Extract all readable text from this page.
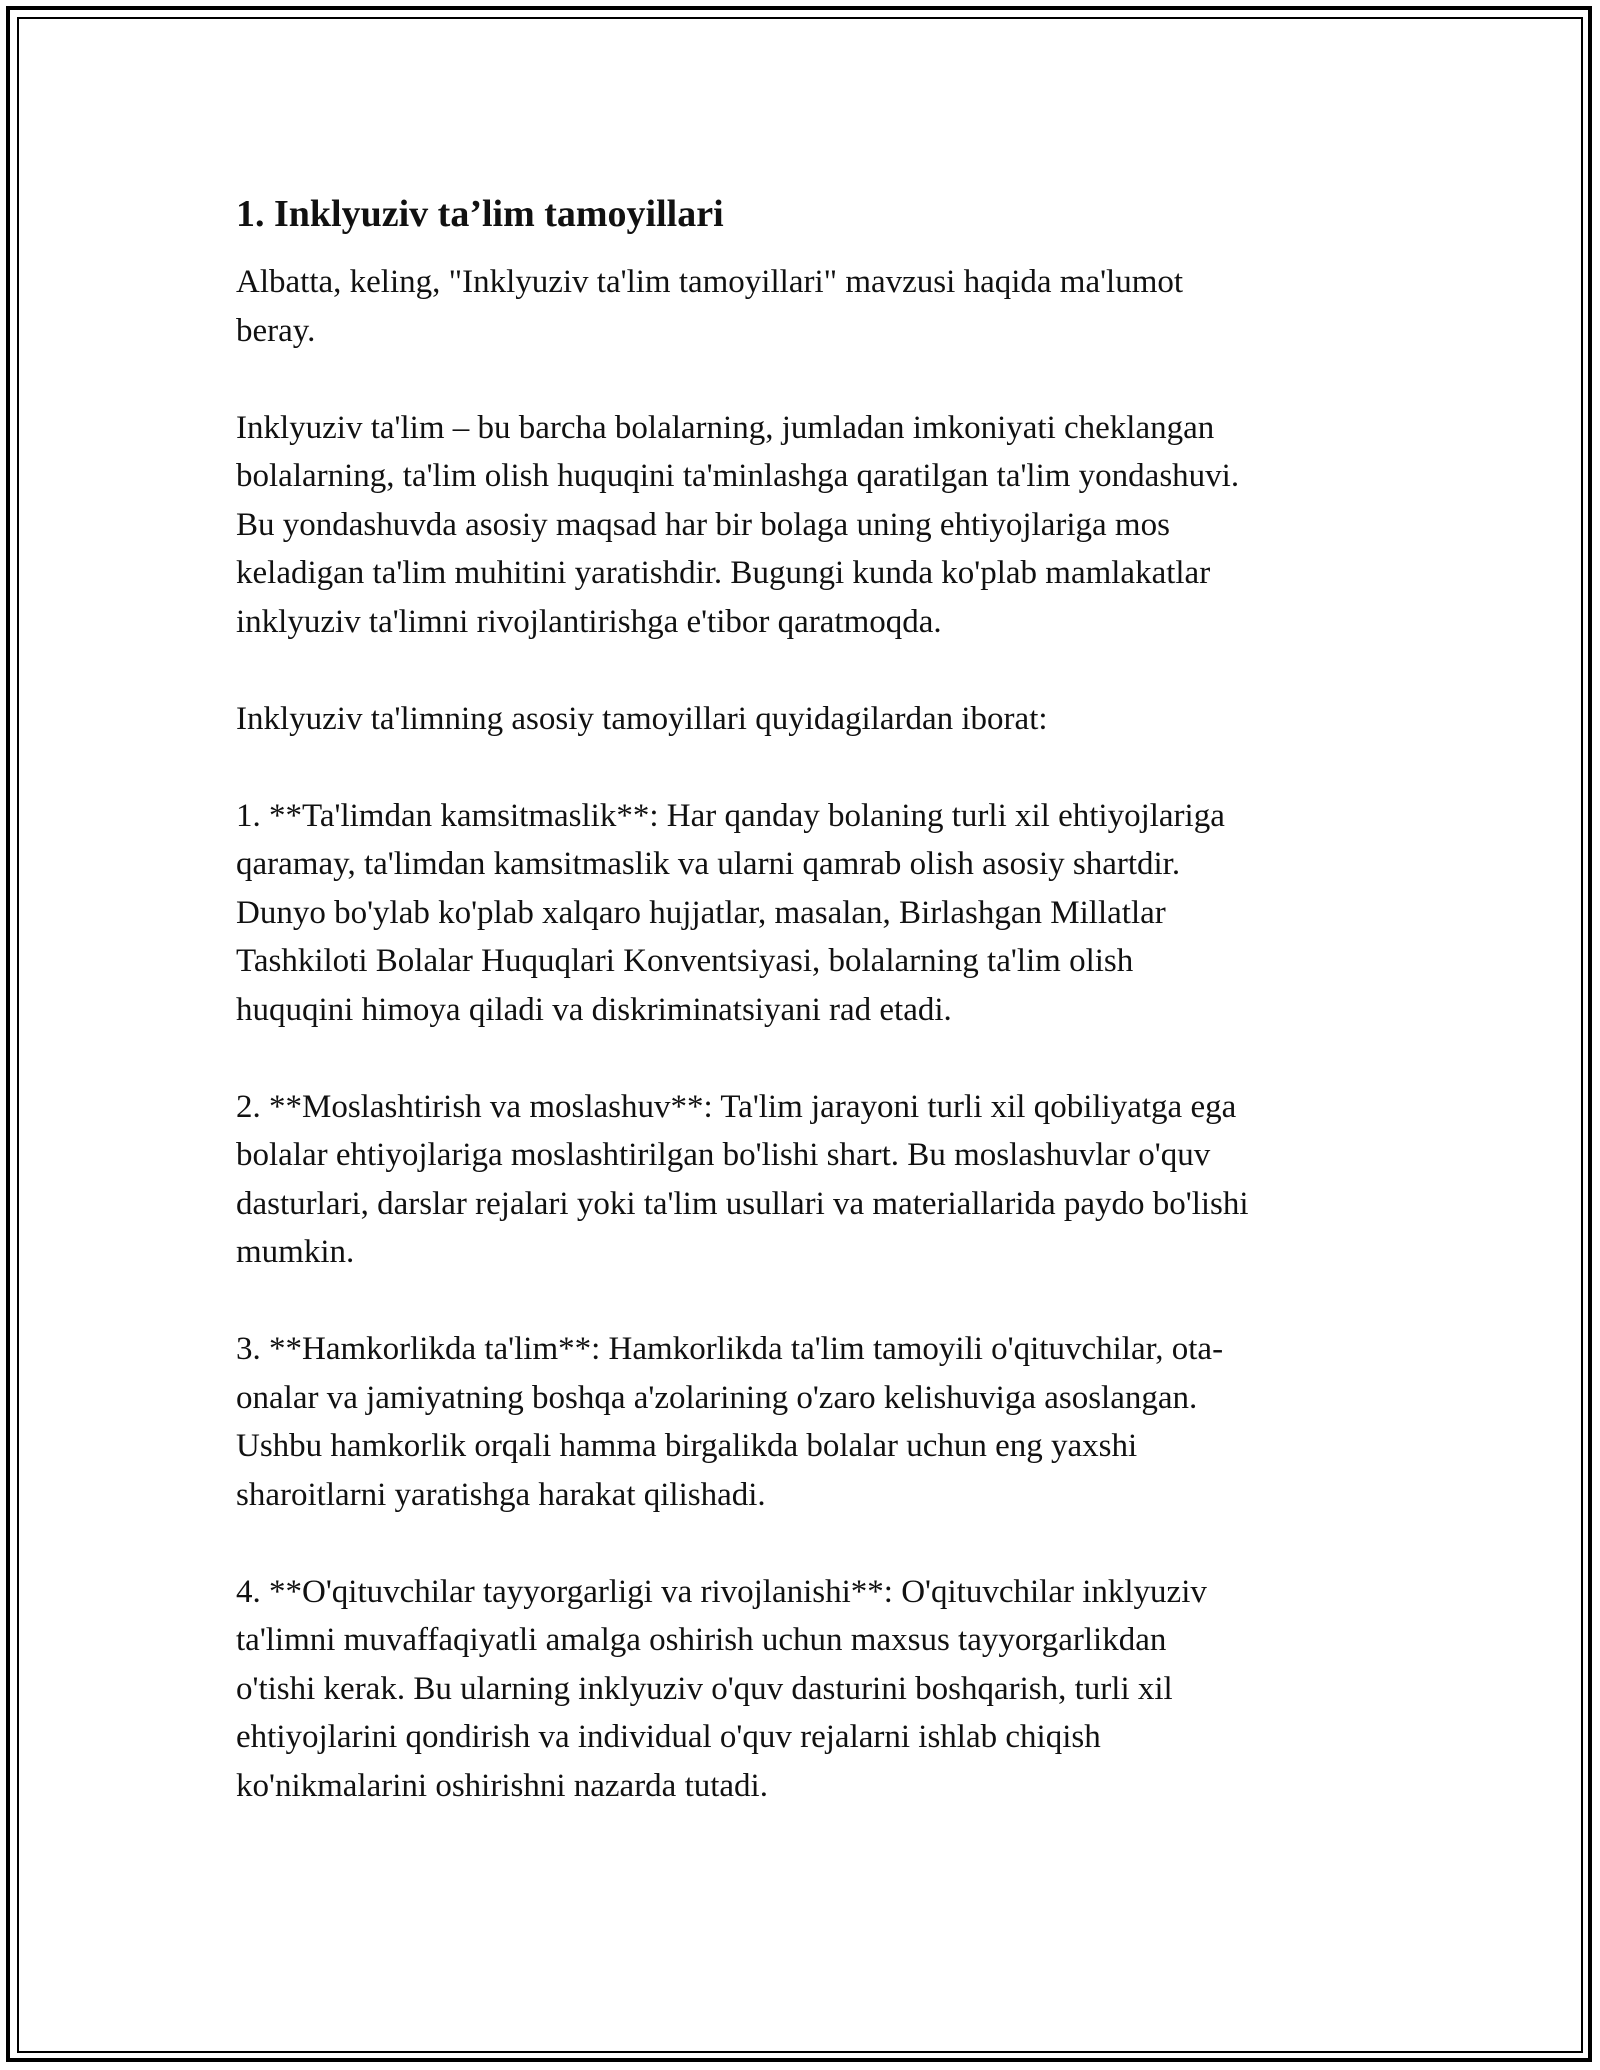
1. Inklyuziv ta’lim tamoyillari

Albatta, keling, "Inklyuziv ta'lim tamoyillari" mavzusi haqida ma'lumot
beray.

Inklyuziv ta'lim – bu barcha bolalarning, jumladan imkoniyati cheklangan
bolalarning, ta'lim olish huquqini ta'minlashga qaratilgan ta'lim yondashuvi.
Bu yondashuvda asosiy maqsad har bir bolaga uning ehtiyojlariga mos
keladigan ta'lim muhitini yaratishdir. Bugungi kunda ko'plab mamlakatlar
inklyuziv ta'limni rivojlantirishga e'tibor qaratmoqda.

Inklyuziv ta'limning asosiy tamoyillari quyidagilardan iborat:

1. **Ta'limdan kamsitmaslik**: Har qanday bolaning turli xil ehtiyojlariga
qaramay, ta'limdan kamsitmaslik va ularni qamrab olish asosiy shartdir.
Dunyo bo'ylab ko'plab xalqaro hujjatlar, masalan, Birlashgan Millatlar
Tashkiloti Bolalar Huquqlari Konventsiyasi, bolalarning ta'lim olish
huquqini himoya qiladi va diskriminatsiyani rad etadi.

2. **Moslashtirish va moslashuv**: Ta'lim jarayoni turli xil qobiliyatga ega
bolalar ehtiyojlariga moslashtirilgan bo'lishi shart. Bu moslashuvlar o'quv
dasturlari, darslar rejalari yoki ta'lim usullari va materiallarida paydo bo'lishi
mumkin.

3. **Hamkorlikda ta'lim**: Hamkorlikda ta'lim tamoyili o'qituvchilar, ota-
onalar va jamiyatning boshqa a'zolarining o'zaro kelishuviga asoslangan.
Ushbu hamkorlik orqali hamma birgalikda bolalar uchun eng yaxshi
sharoitlarni yaratishga harakat qilishadi.

4. **O'qituvchilar tayyorgarligi va rivojlanishi**: O'qituvchilar inklyuziv
ta'limni muvaffaqiyatli amalga oshirish uchun maxsus tayyorgarlikdan
o'tishi kerak. Bu ularning inklyuziv o'quv dasturini boshqarish, turli xil
ehtiyojlarini qondirish va individual o'quv rejalarni ishlab chiqish
ko'nikmalarini oshirishni nazarda tutadi.
